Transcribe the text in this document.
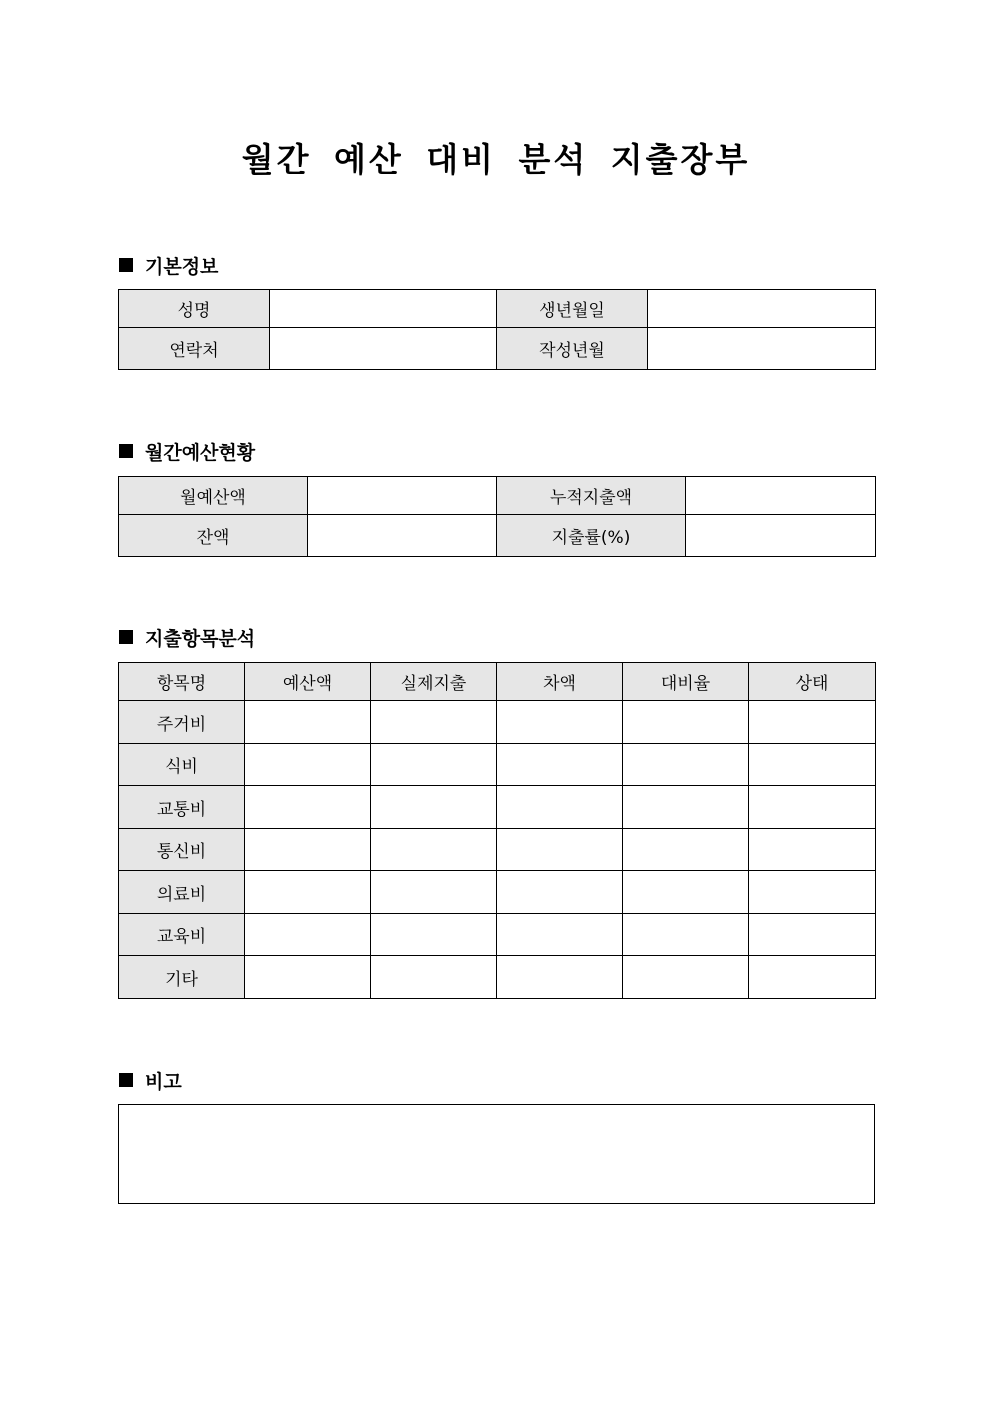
월간 예산 대비 분석 지출장부
기본정보
성명		생년월일	
연락처		작성년월	
월간예산현황
월예산액		누적지출액	
잔액		지출률(%)	
지출항목분석
항목명	예산액	실제지출	차액	대비율	상태
주거비					
식비					
교통비					
통신비					
의료비					
교육비					
기타					
비고
